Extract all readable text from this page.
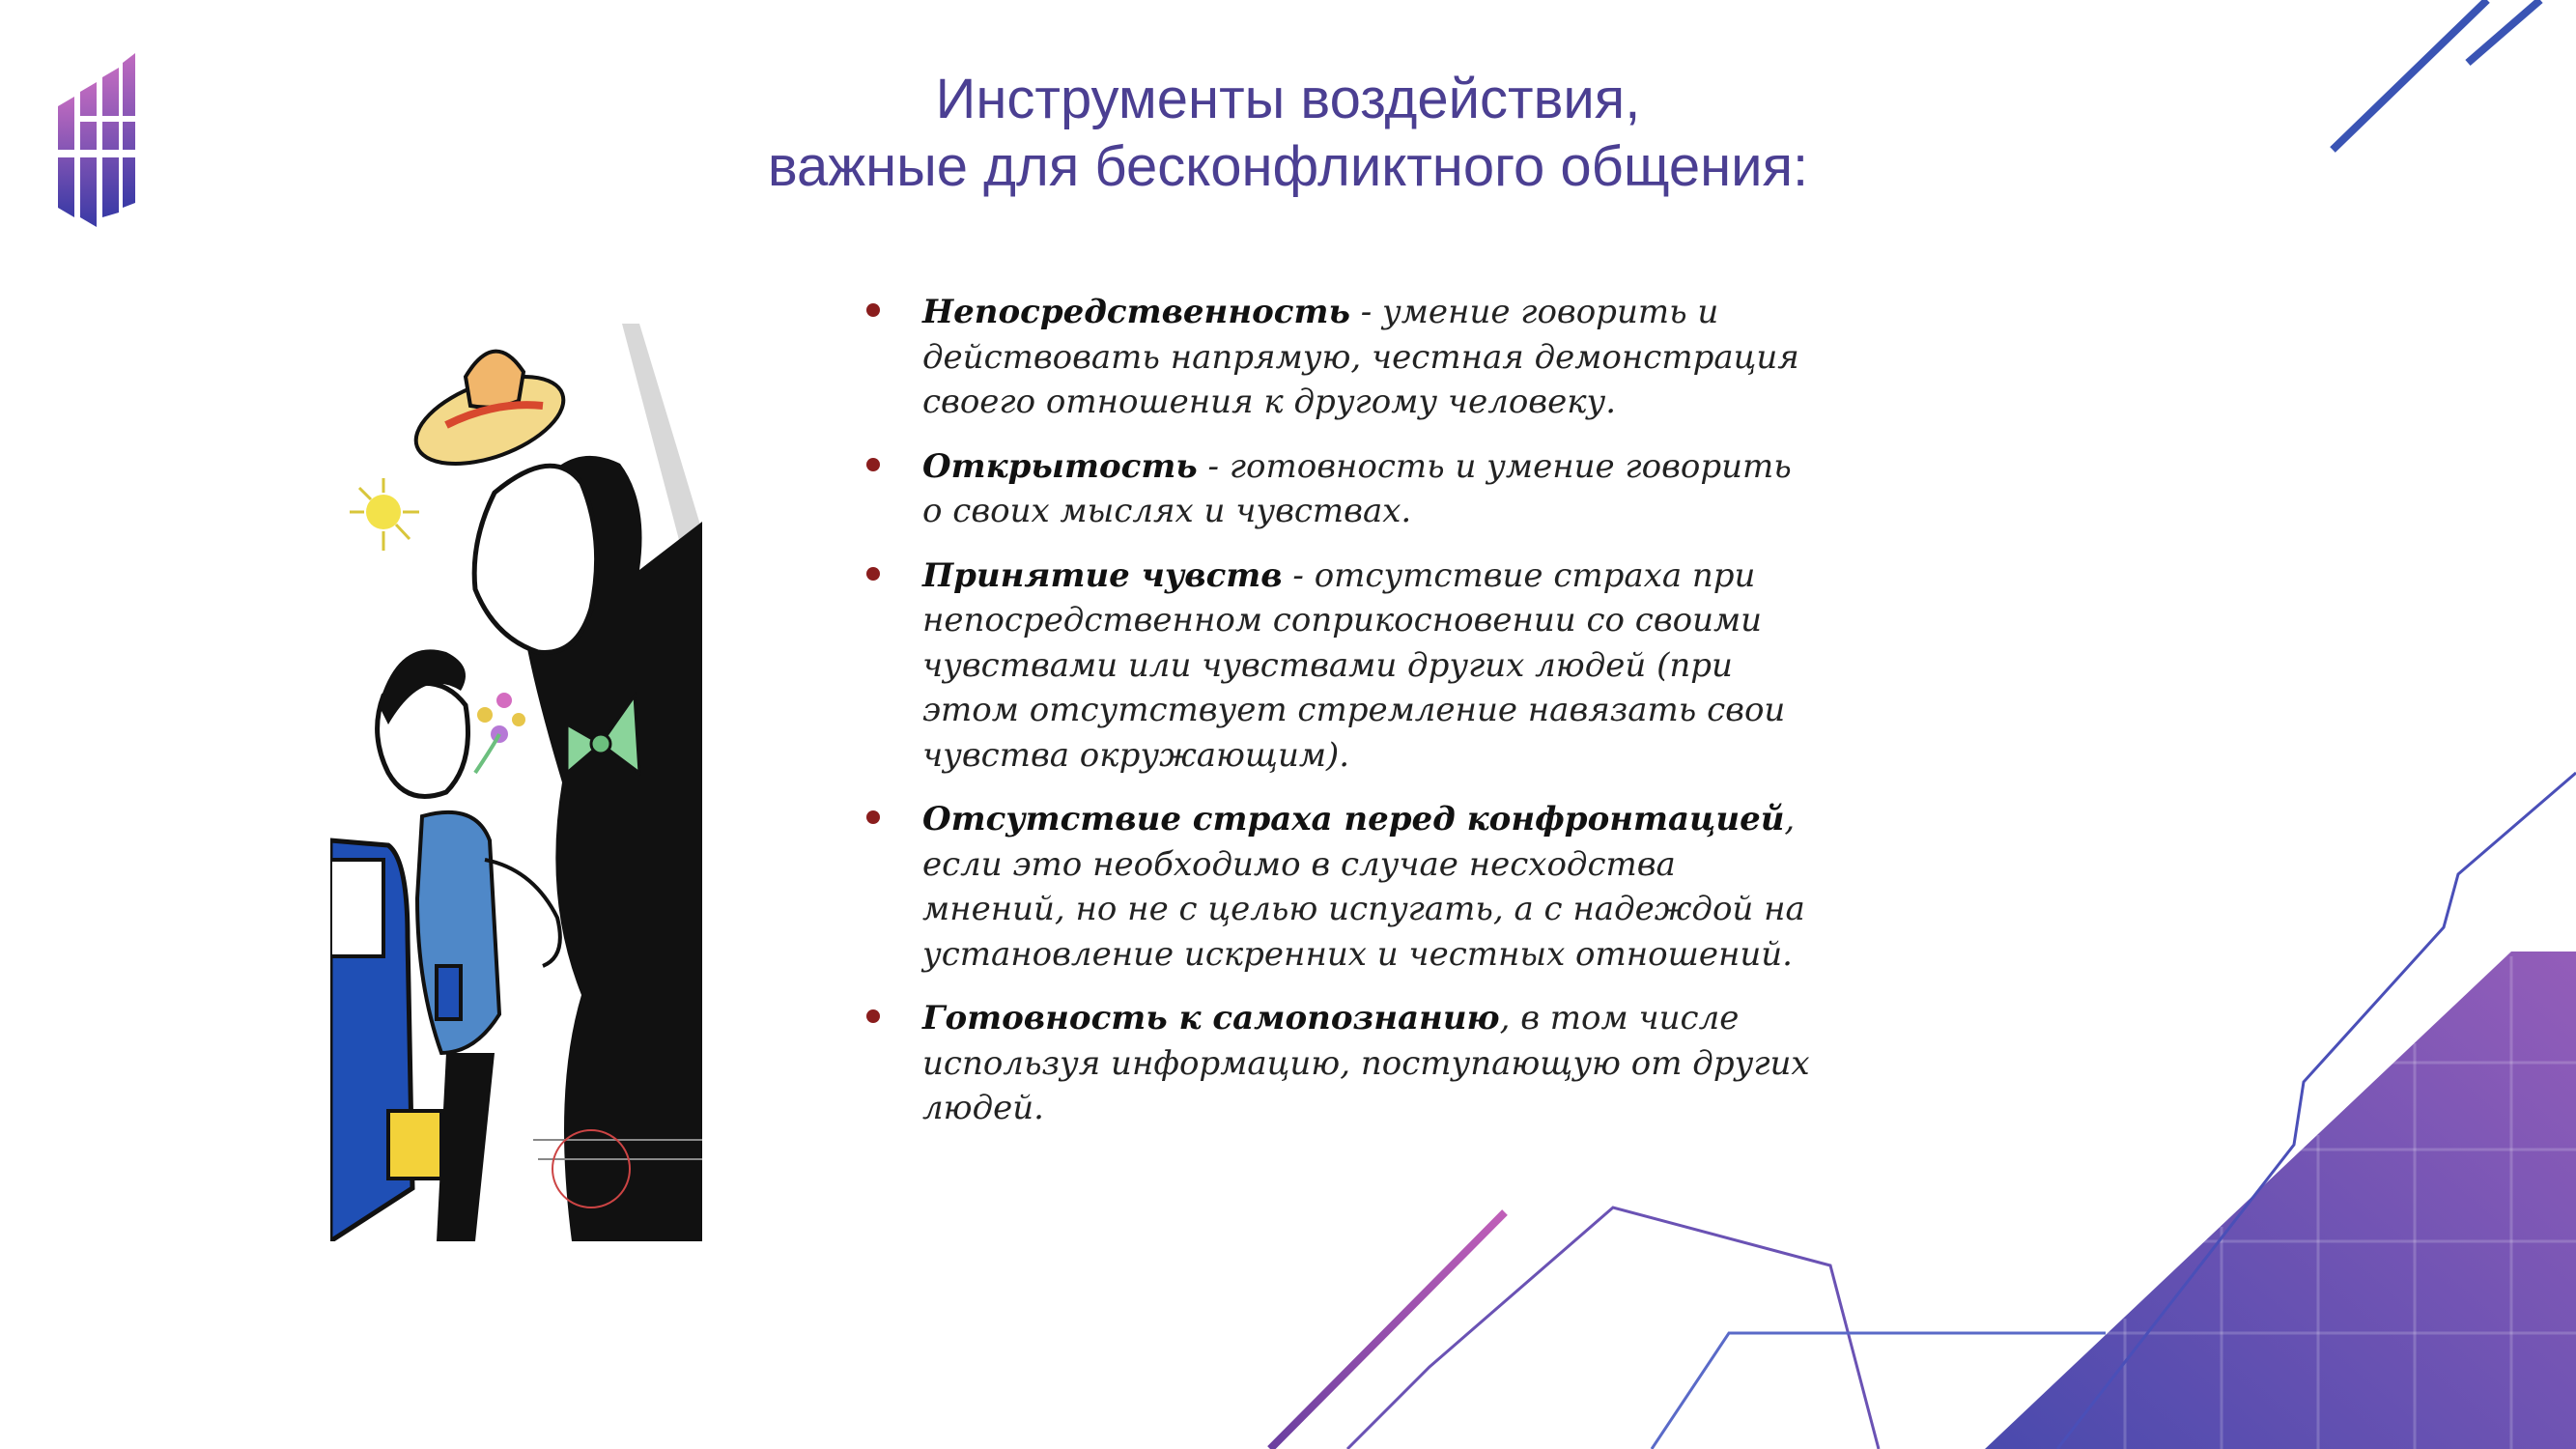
Инструменты воздействия,
важные для бесконфликтного общения:
Непосредственность - умение говорить и действовать напрямую, честная демонстрация своего отношения к другому человеку.
Открытость - готовность и умение говорить о своих мыслях и чувствах.
Принятие чувств - отсутствие страха при непосредственном соприкосновении со своими чувствами или чувствами других людей (при этом отсутствует стремление навязать свои чувства окружающим).
Отсутствие страха перед конфронтацией, если это необходимо в случае несходства мнений, но не с целью испугать, а с надеждой на установление искренних и честных отношений.
Готовность к самопознанию, в том числе используя информацию, поступающую от других людей.
